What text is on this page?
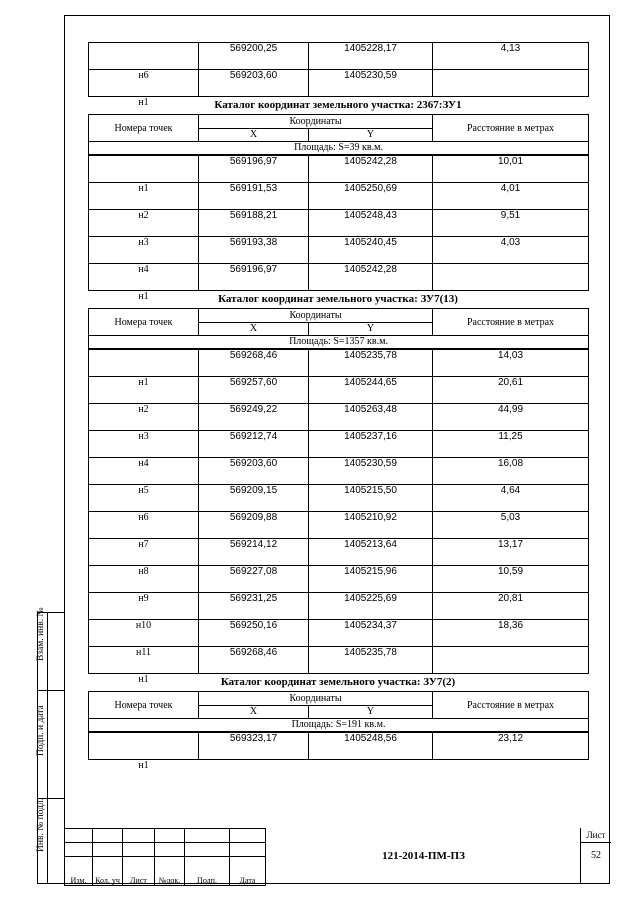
Взам. инв. №
Подп. и дата
Инв. № подл.
н6	569200,25	1405228,17	4,13
н1	569203,60	1405230,59	
Каталог координат земельного участка: 2367:ЗУ1
Номера точек	Координаты		Расстояние в метрах
	X	Y	
Площадь: S=39 кв.м.			
н1	569196,97	1405242,28	10,01
н2	569191,53	1405250,69	4,01
н3	569188,21	1405248,43	9,51
н4	569193,38	1405240,45	4,03
н1	569196,97	1405242,28	
Каталог координат земельного участка: ЗУ7(13)
Номера точек	Координаты		Расстояние в метрах
	X	Y	
Площадь: S=1357 кв.м.			
н1	569268,46	1405235,78	14,03
н2	569257,60	1405244,65	20,61
н3	569249,22	1405263,48	44,99
н4	569212,74	1405237,16	11,25
н5	569203,60	1405230,59	16,08
н6	569209,15	1405215,50	4,64
н7	569209,88	1405210,92	5,03
н8	569214,12	1405213,64	13,17
н9	569227,08	1405215,96	10,59
н10	569231,25	1405225,69	20,81
н11	569250,16	1405234,37	18,36
н1	569268,46	1405235,78	
Каталог координат земельного участка: ЗУ7(2)
Номера точек	Координаты		Расстояние в метрах
	X	Y	
Площадь: S=191 кв.м.			
н1	569323,17	1405248,56	23,12

Изм.	Кол. уч	Лист	№док.	Подп.	Дата
121-2014-ПМ-ПЗ
Лист
52
